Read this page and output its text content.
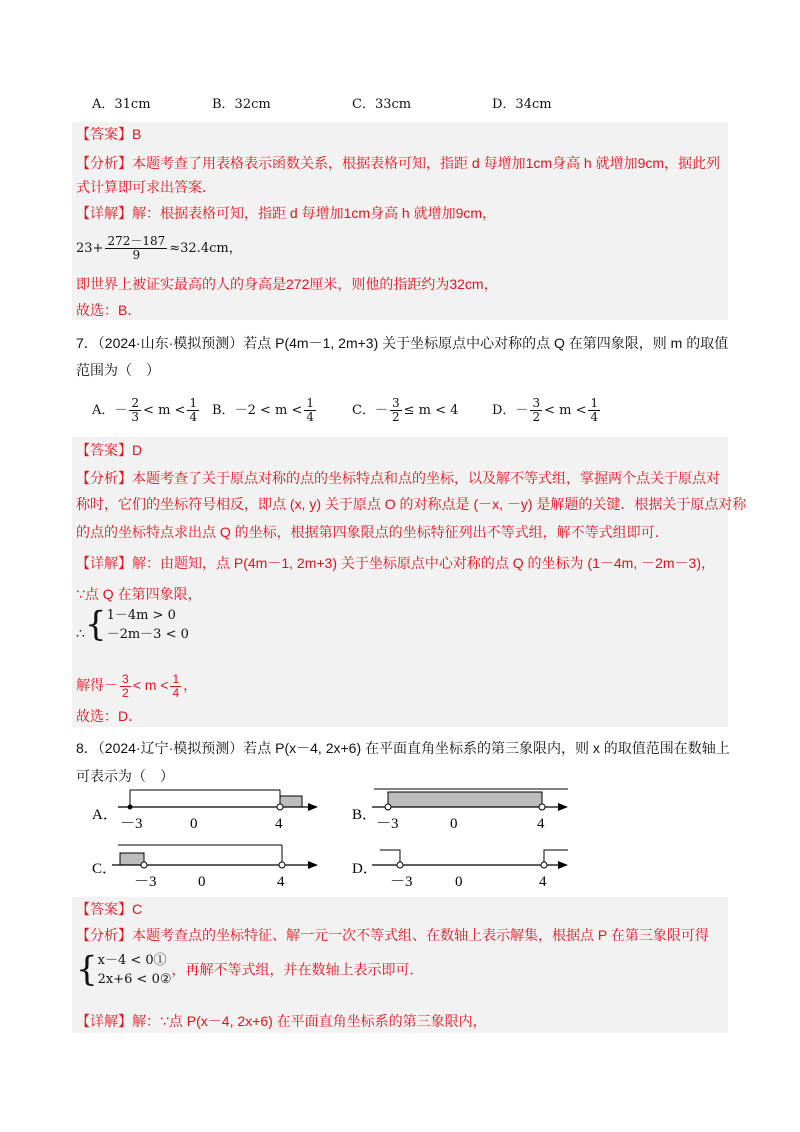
A．31cm	B．32cm	C．33cm	D．34cm
【答案】B
【分析】本题考查了用表格表示函数关系，根据表格可知，指距 d 每增加1cm身高 h 就增加9cm，据此列
式计算即可求出答案．
【详解】解：根据表格可知，指距 d 每增加1cm身高 h 就增加9cm，
$23+ \frac{272-187}{9} \approx 32.4cm$，
即世界上被证实最高的人的身高是272厘米，则他的指距约为32cm，
故选：B．
7．（2024·山东·模拟预测）若点 P(4m－1, 2m+3) 关于坐标原点中心对称的点 Q 在第四象限，则 m 的取值
范围为（　）
A．－ $\frac{2}{3} < m < \frac{1}{4}$ B．$-2 < m < \frac{1}{4}$	C．－ $\frac{3}{2} \le m < 4$	D．－ $\frac{3}{2} < m < \frac{1}{4}$
【答案】D
【分析】本题考查了关于原点对称的点的坐标特点和点的坐标，以及解不等式组，掌握两个点关于原点对
称时，它们的坐标符号相反，即点 (x, y) 关于原点 O 的对称点是 (－x, －y) 是解题的关键．根据关于原点对称
的点的坐标特点求出点 Q 的坐标，根据第四象限点的坐标特征列出不等式组，解不等式组即可．
【详解】解：由题知，点 P(4m－1, 2m+3) 关于坐标原点中心对称的点 Q 的坐标为 (1－4m, －2m－3)，
∵点 Q 在第四象限，
∴{ 1－4m > 0
－2m－3 < 0
解得－ $\frac{3}{2} < m < \frac{1}{4}$ ，
故选：D．
8．（2024·辽宁·模拟预测）若点 P(x－4, 2x+6) 在平面直角坐标系的第三象限内，则 x 的取值范围在数轴上
可表示为（　）
A．
－3	0	4
B．
－3	0	4
C．
－3	0	4
D．
－3	0	4
【答案】C
【分析】本题考查点的坐标特征、解一元一次不等式组、在数轴上表示解集，根据点 P 在第三象限可得
{ x－4 < 0①
2x+6 < 0②
，再解不等式组，并在数轴上表示即可．
【详解】解：∵点 P(x－4, 2x+6) 在平面直角坐标系的第三象限内，
